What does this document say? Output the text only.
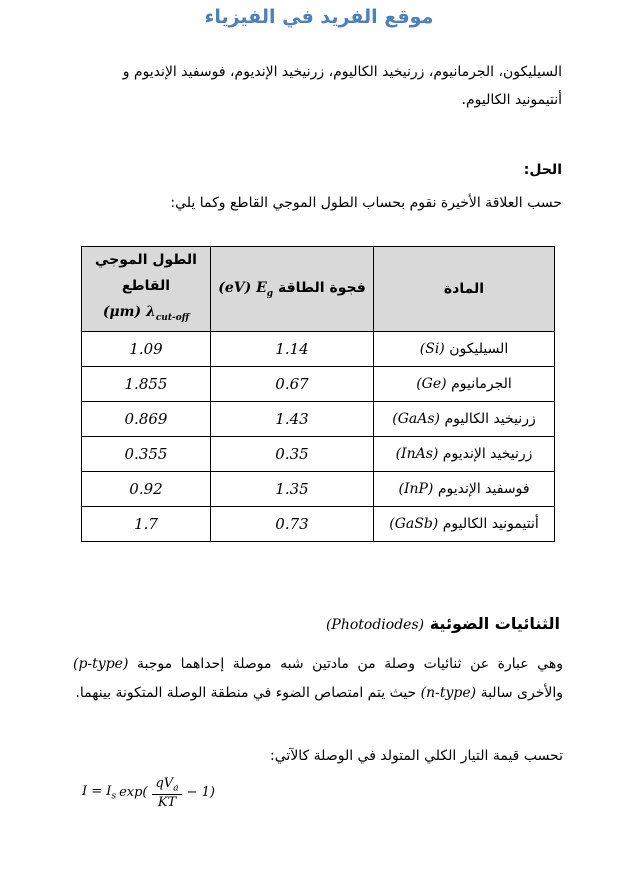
موقع الفريد في الفيزياء
السيليكون، الجرمانيوم، زرنيخيد الكاليوم، زرنيخيد الإنديوم، فوسفيد الإنديوم و
أنتيمونيد الكاليوم.
الحل:
حسب العلاقة الأخيرة نقوم بحساب الطول الموجي القاطع وكما يلي:
المادة	فجوة الطاقة (eV) $E_g$	الطول الموجي القاطع
(μm) $\lambda_{cut-off}$

السيليكون (Si)	1.14	1.09
الجرمانيوم (Ge)	0.67	1.855
زرنيخيد الكاليوم (GaAs)	1.43	0.869
زرنيخيد الإنديوم (InAs)	0.35	0.355
فوسفيد الإنديوم (InP)	1.35	0.92
أنتيمونيد الكاليوم (GaSb)	0.73	1.7
الثنائيات الضوئية (Photodiodes)
وهي عبارة عن ثنائيات وصلة من مادتين شبه موصلة إحداهما موجبة (p-type) والأخرى سالبة (n-type) حيث يتم امتصاص الضوء في منطقة الوصلة المتكونة بينهما.
تحسب قيمة التيار الكلي المتولد في الوصلة كالآتي:
$I = I_s$ $\exp( \frac{qV_a}{KT} - 1)$
